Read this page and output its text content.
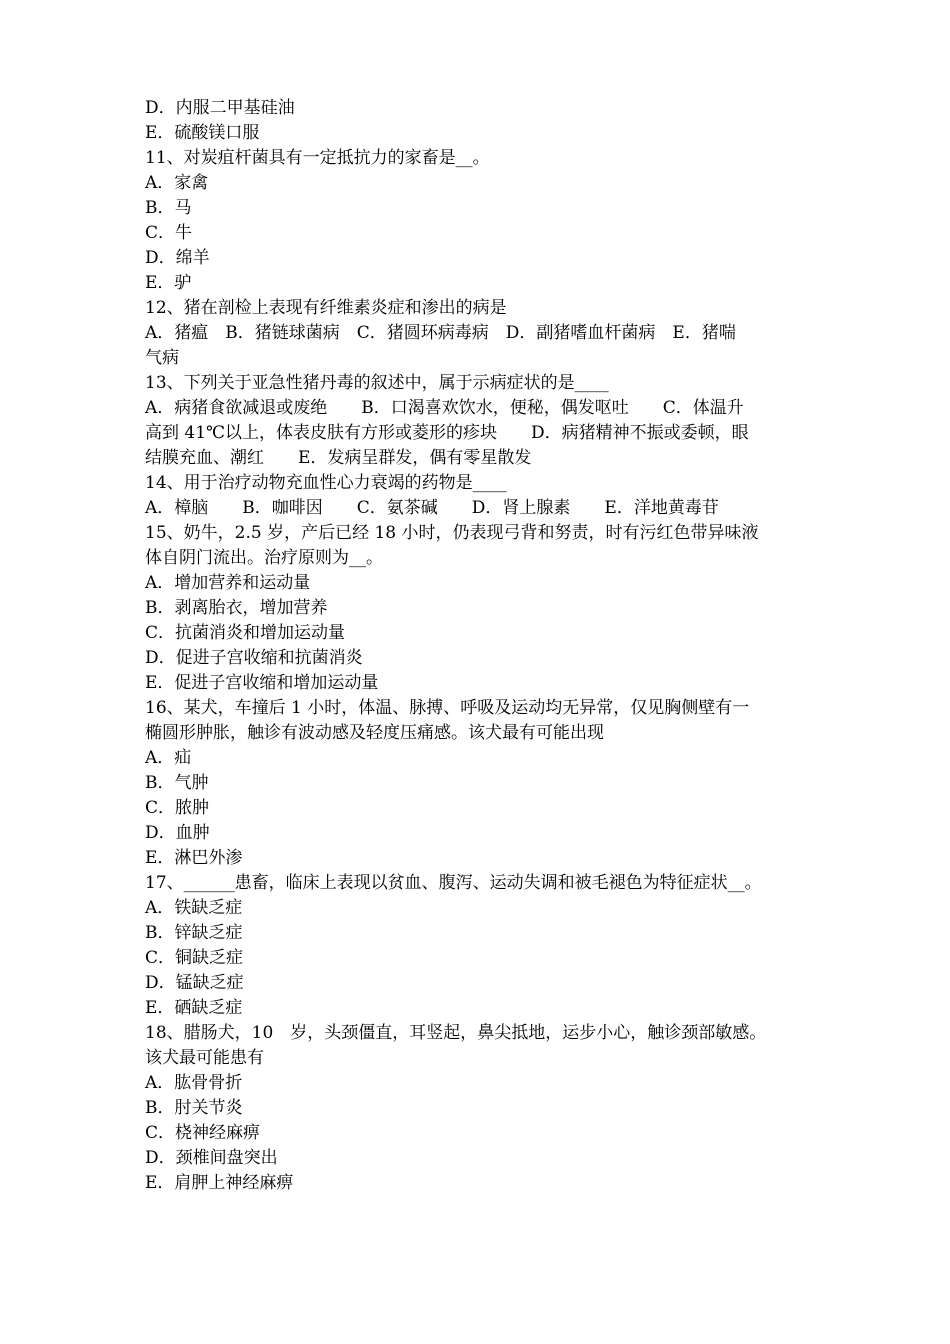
D．内服二甲基硅油
E．硫酸镁口服
11、对炭疽杆菌具有一定抵抗力的家畜是__。
A．家禽
B．马
C．牛
D．绵羊
E．驴
12、猪在剖检上表现有纤维素炎症和渗出的病是
A．猪瘟　B．猪链球菌病　C．猪圆环病毒病　D．副猪嗜血杆菌病　E．猪喘
气病
13、下列关于亚急性猪丹毒的叙述中，属于示病症状的是____
A．病猪食欲减退或废绝　　B．口渴喜欢饮水，便秘，偶发呕吐　　C．体温升
高到 41℃以上，体表皮肤有方形或菱形的疹块　　D．病猪精神不振或委顿，眼
结膜充血、潮红　　E．发病呈群发，偶有零星散发
14、用于治疗动物充血性心力衰竭的药物是____
A．樟脑　　B．咖啡因　　C．氨茶碱　　D．肾上腺素　　E．洋地黄毒苷
15、奶牛，2.5 岁，产后已经 18 小时，仍表现弓背和努责，时有污红色带异味液
体自阴门流出。治疗原则为__。
A．增加营养和运动量
B．剥离胎衣，增加营养
C．抗菌消炎和增加运动量
D．促进子宫收缩和抗菌消炎
E．促进子宫收缩和增加运动量
16、某犬，车撞后 1 小时，体温、脉搏、呼吸及运动均无异常，仅见胸侧壁有一
椭圆形肿胀，触诊有波动感及轻度压痛感。该犬最有可能出现
A．疝
B．气肿
C．脓肿
D．血肿
E．淋巴外渗
17、______患畜，临床上表现以贫血、腹泻、运动失调和被毛褪色为特征症状__。
A．铁缺乏症
B．锌缺乏症
C．铜缺乏症
D．锰缺乏症
E．硒缺乏症
18、腊肠犬，10　岁，头颈僵直，耳竖起，鼻尖抵地，运步小心，触诊颈部敏感。
该犬最可能患有
A．肱骨骨折
B．肘关节炎
C．桡神经麻痹
D．颈椎间盘突出
E．肩胛上神经麻痹
